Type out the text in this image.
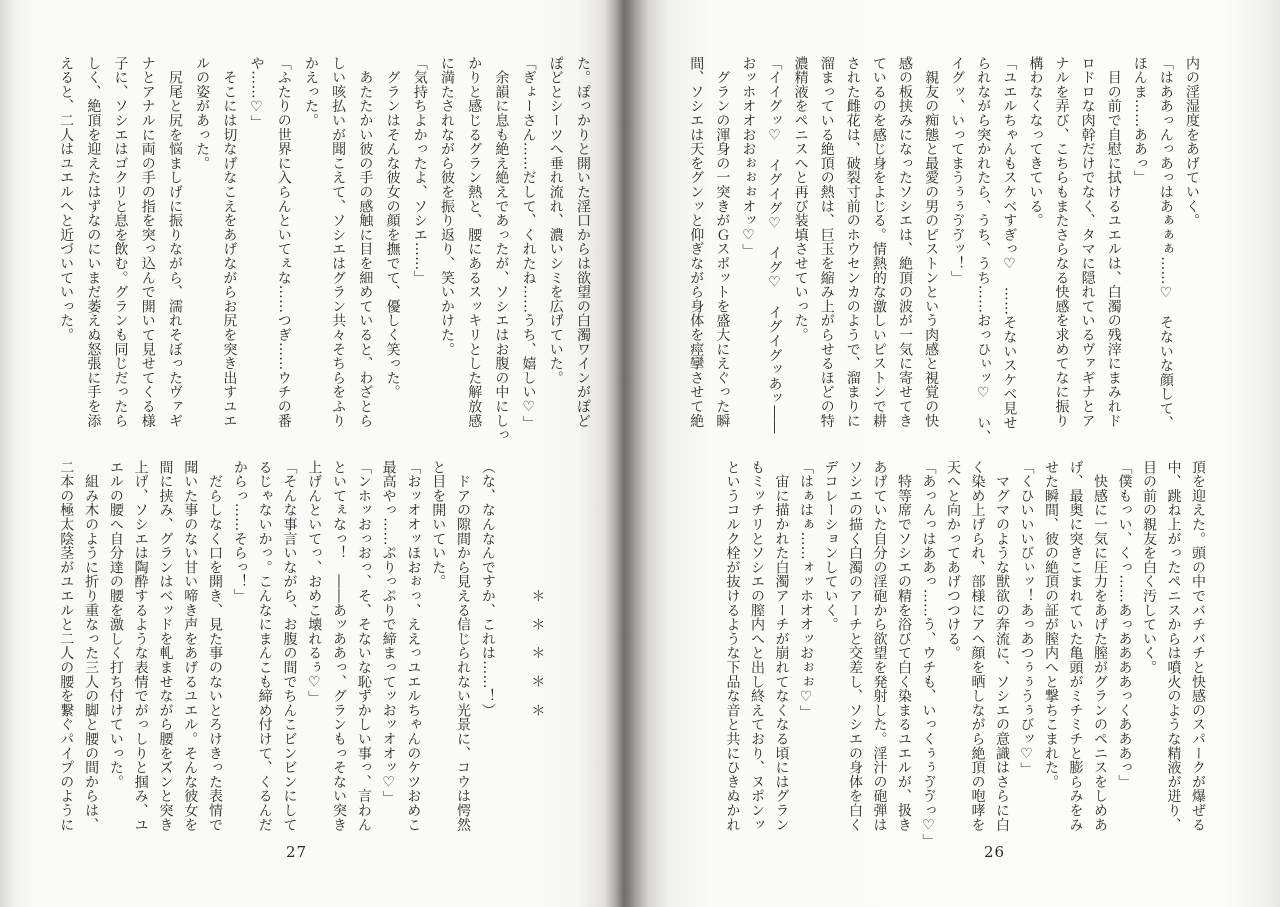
た。ぽっかりと開いた淫口からは欲望の白濁ワインがぽど
ぽどとシーツへ垂れ流れ、濃いシミを広げていた。
「ぎょーさん……だして、くれたね……うち、嬉しい♡」
　余韻に息も絶え絶えであったが、ソシエはお腹の中にしっ
かりと感じるグラン熱と、腰にあるスッキリとした解放感
に満たされながら彼を振り返り、笑いかけた。
「気持ちよかったよ、ソシエ……」
　グランはそんな彼女の顔を撫でて、優しく笑った。
　あたたかい彼の手の感触に目を細めていると、わざとら
しい咳払いが聞こえて、ソシエはグラン共々そちらをふり
かえった。
「ふたりの世界に入らんといてぇな……つぎ……ウチの番
や……♡」
　そこには切なげなこえをあげながらお尻を突き出すユエ
ルの姿があった。
　尻尾と尻を悩ましげに振りながら、濡れそぼったヴァギ
ナとアナルに両の手の指を突っ込んで開いて見せてくる様
子に、ソシエはゴクリと息を飲む。グランも同じだったら
しく、絶頂を迎えたはずなのにいまだ萎えぬ怒張に手を添
えると、二人はユエルへと近づいていった。

　　　　　　　　　＊　＊　＊　＊　＊

（な、なんなんですか、これは……！）
　ドアの隙間から見える信じられない光景に、コウは愕然
と目を開いていた。
「おッオオッほおぉっ、ええっユエルちゃんのケツおめこ
最高やっ……ぷりっぷりで締まってッおッオオッ♡」
「ンホッおっおっ、そ、そないな恥ずかしい事っ、言わん
といてぇなっ！　――あッああっ、グランもっそない突き
上げんといてっ、おめこ壊れるぅ♡」
「そんな事言いながら、お腹の間でちんこビンビンにして
るじゃないかっ。こんなにまんこも締め付けて、くるんだ
からっ……そらっ！」
　だらしなく口を開き、見た事のないとろけきった表情で
聞いた事のない甘い啼き声をあげるユエル。そんな彼女を
間に挟み、グランはベッドを軋ませながら腰をズンと突き
上げ、ソシエは陶酔するような表情でがっしりと掴み、ユ
エルの腰へ自分達の腰を激しく打ち付けていった。
　組み木のように折り重なった三人の脚と腰の間からは、
二本の極太陰茎がユエルと二人の腰を繋ぐパイプのように
27
内の淫湿度をあげていく。
「はああっんっあっはあぁぁぁ……♡　そないな顔して、
ほんま……ああっ」
　目の前で自慰に拭けるユエルは、白濁の残滓にまみれド
ロドロな肉幹だけでなく、タマに隠れているヴァギナとア
ナルを弄び、こちらもまたさらなる快感を求めてなに振り
構わなくなってきている。
「ユエルちゃんもスケベすぎっ♡　……そないスケベ見せ
られながら突かれたら、うち、うち……おっひぃッ♡　い、
イグッ、いってまうぅぅゔゔッ！」
　親友の痴態と最愛の男のピストンという肉感と視覚の快
感の板挟みになったソシエは、絶頂の波が一気に寄せてき
ているのを感じ身をよじる。情熱的な激しいピストンで耕
された雌花は、破裂寸前のホウセンカのようで、溜まりに
溜まっている絶頂の熱は、巨玉を縮み上がらせるほどの特
濃精液をペニスへと再び装填させていった。
「イイグッ♡　イグイグ♡　イグ♡　イグイグッあッ――
おッホオオおおぉぉぉオッ♡」
　グランの渾身の一突きがＧスポットを盛大にえぐった瞬
間、ソシエは天をグンッと仰ぎながら身体を痙攣させて絶
頂を迎えた。頭の中でバチバチと快感のスパークが爆ぜる
中、跳ね上がったペニスからは噴火のような精液が迸り、
目の前の親友を白く汚していく。
「僕もっい、くっ……あっああああっくあああっ」
　快感に一気に圧力をあげた膣がグランのペニスをしめあ
げ、最奥に突きこまれていた亀頭がミチミチと膨らみをみ
せた瞬間、彼の絶頂の証が膣内へと撃ちこまれた。
「くひいいいびぃッ！あっあつぅぅうぅびッ♡」
　マグマのような獣欲の奔流に、ソシエの意識はさらに白
く染め上げられ、部様にアヘ顔を晒しながら絶頂の咆哮を
天へと向かってあげつつける。
「あっんっはああっ……う、ウチも、いっくぅぅゔゔっ♡」
　特等席でソシエの精を浴びて白く染まるユエルが、扱き
あげていた自分の淫砲から欲望を発射した。淫汁の砲弾は
ソシエの描く白濁のアーチと交差し、ソシエの身体を白く
デコレーションしていく。
「はぁはぁ……ォッホオオッおぉぉ♡」
　宙に描かれた白濁アーチが崩れてなくなる頃にはグラン
もミッチリとソシエの膣内へと出し終えており、ヌポンッ
というコルク栓が抜けるような下品な音と共にひきぬかれ
26
